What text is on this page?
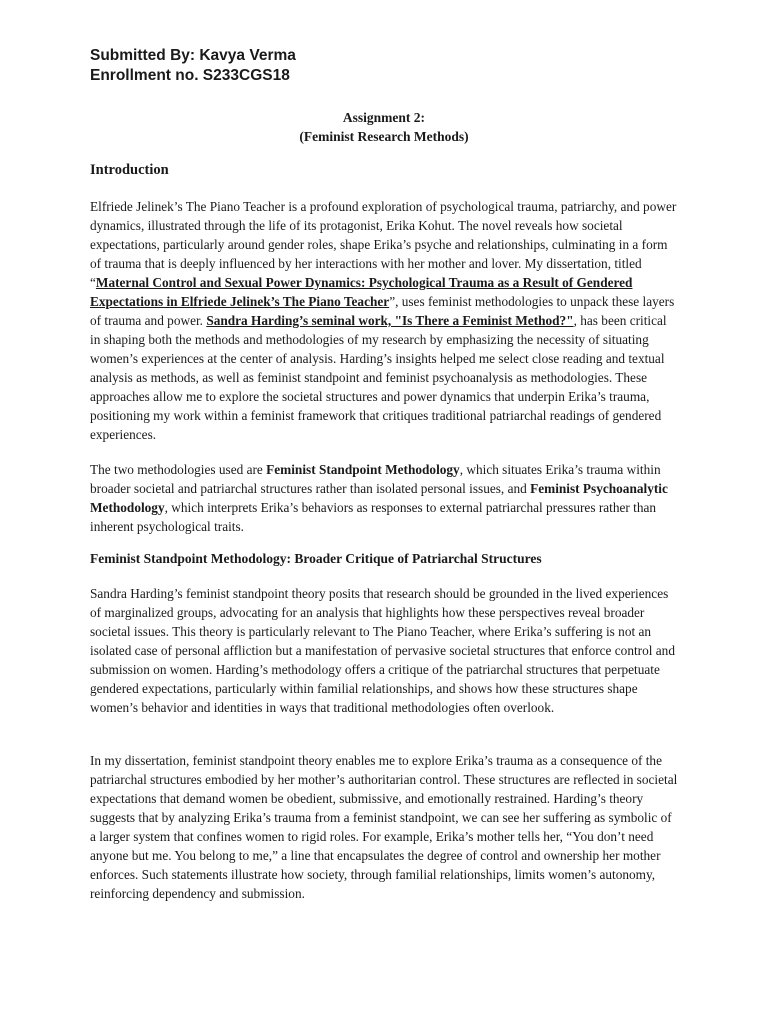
Submitted By: Kavya Verma
Enrollment no. S233CGS18
Assignment 2:
(Feminist Research Methods)
Introduction

Elfriede Jelinek’s The Piano Teacher is a profound exploration of psychological trauma, patriarchy, and power dynamics, illustrated through the life of its protagonist, Erika Kohut. The novel reveals how societal expectations, particularly around gender roles, shape Erika’s psyche and relationships, culminating in a form of trauma that is deeply influenced by her interactions with her mother and lover. My dissertation, titled “Maternal Control and Sexual Power Dynamics: Psychological Trauma as a Result of Gendered Expectations in Elfriede Jelinek’s The Piano Teacher”, uses feminist methodologies to unpack these layers of trauma and power. Sandra Harding’s seminal work, "Is There a Feminist Method?", has been critical in shaping both the methods and methodologies of my research by emphasizing the necessity of situating women’s experiences at the center of analysis. Harding’s insights helped me select close reading and textual analysis as methods, as well as feminist standpoint and feminist psychoanalysis as methodologies. These approaches allow me to explore the societal structures and power dynamics that underpin Erika’s trauma, positioning my work within a feminist framework that critiques traditional patriarchal readings of gendered experiences.

The two methodologies used are Feminist Standpoint Methodology, which situates Erika’s trauma within broader societal and patriarchal structures rather than isolated personal issues, and Feminist Psychoanalytic Methodology, which interprets Erika’s behaviors as responses to external patriarchal pressures rather than inherent psychological traits.

Feminist Standpoint Methodology: Broader Critique of Patriarchal Structures

Sandra Harding’s feminist standpoint theory posits that research should be grounded in the lived experiences of marginalized groups, advocating for an analysis that highlights how these perspectives reveal broader societal issues. This theory is particularly relevant to The Piano Teacher, where Erika’s suffering is not an isolated case of personal affliction but a manifestation of pervasive societal structures that enforce control and submission on women. Harding’s methodology offers a critique of the patriarchal structures that perpetuate gendered expectations, particularly within familial relationships, and shows how these structures shape women’s behavior and identities in ways that traditional methodologies often overlook.

In my dissertation, feminist standpoint theory enables me to explore Erika’s trauma as a consequence of the patriarchal structures embodied by her mother’s authoritarian control. These structures are reflected in societal expectations that demand women be obedient, submissive, and emotionally restrained. Harding’s theory suggests that by analyzing Erika’s trauma from a feminist standpoint, we can see her suffering as symbolic of a larger system that confines women to rigid roles. For example, Erika’s mother tells her, “You don’t need anyone but me. You belong to me,” a line that encapsulates the degree of control and ownership her mother enforces. Such statements illustrate how society, through familial relationships, limits women’s autonomy, reinforcing dependency and submission.
